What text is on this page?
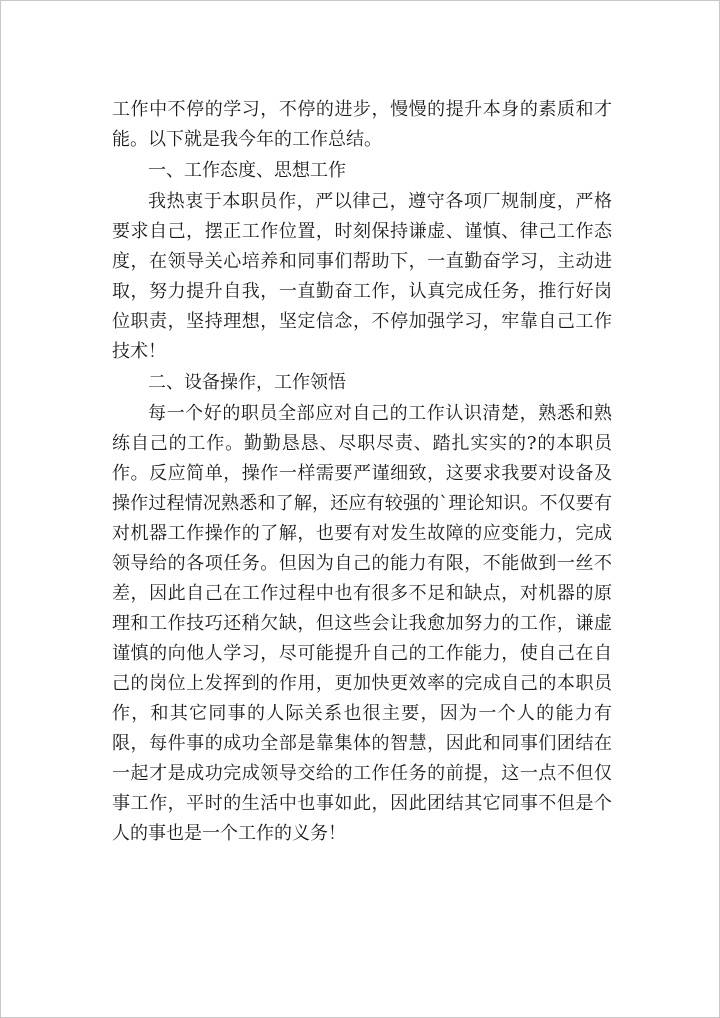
工作中不停的学习，不停的进步，慢慢的提升本身的素质和才能。以下就是我今年的工作总结。

一、工作态度、思想工作

我热衷于本职员作，严以律己，遵守各项厂规制度，严格要求自己，摆正工作位置，时刻保持谦虚、谨慎、律己工作态度，在领导关心培养和同事们帮助下，一直勤奋学习，主动进取，努力提升自我，一直勤奋工作，认真完成任务，推行好岗位职责，坚持理想，坚定信念，不停加强学习，牢靠自己工作技术！

二、设备操作，工作领悟

每一个好的职员全部应对自己的工作认识清楚，熟悉和熟练自己的工作。勤勤恳恳、尽职尽责、踏扎实实的?的本职员作。反应简单，操作一样需要严谨细致，这要求我要对设备及操作过程情况熟悉和了解，还应有较强的`理论知识。不仅要有对机器工作操作的了解，也要有对发生故障的应变能力，完成领导给的各项任务。但因为自己的能力有限，不能做到一丝不差，因此自己在工作过程中也有很多不足和缺点，对机器的原理和工作技巧还稍欠缺，但这些会让我愈加努力的工作，谦虚谨慎的向他人学习，尽可能提升自己的工作能力，使自己在自己的岗位上发挥到的作用，更加快更效率的完成自己的本职员作，和其它同事的人际关系也很主要，因为一个人的能力有限，每件事的成功全部是靠集体的智慧，因此和同事们团结在一起才是成功完成领导交给的工作任务的前提，这一点不但仅事工作，平时的生活中也事如此，因此团结其它同事不但是个人的事也是一个工作的义务！
